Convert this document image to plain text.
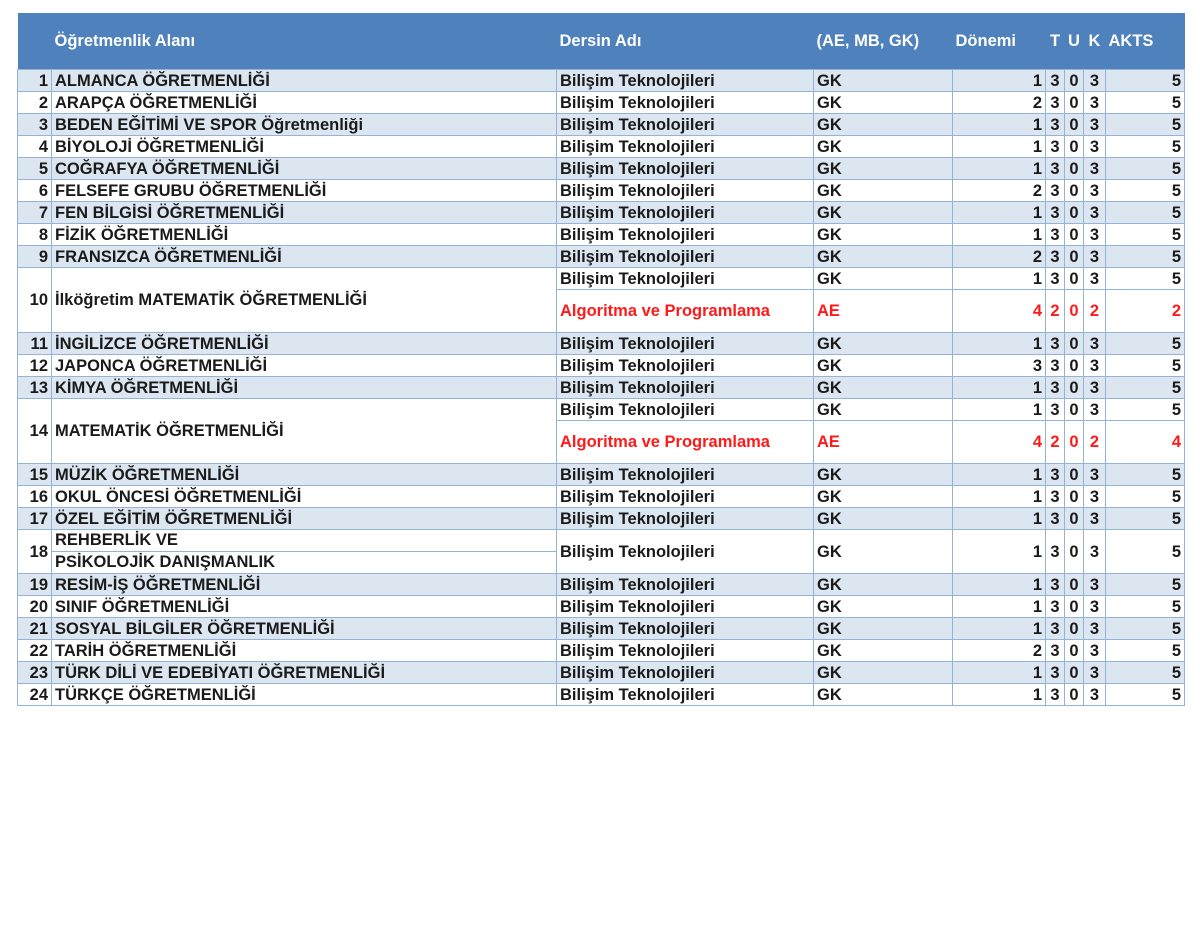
	Öğretmenlik Alanı	Dersin Adı	(AE, MB, GK)	Dönemi	T	U	K	AKTS
1	ALMANCA ÖĞRETMENLİĞİ	Bilişim Teknolojileri	GK	1	3	0	3	5
2	ARAPÇA ÖĞRETMENLİĞİ	Bilişim Teknolojileri	GK	2	3	0	3	5
3	BEDEN EĞİTİMİ VE SPOR Öğretmenliği	Bilişim Teknolojileri	GK	1	3	0	3	5
4	BİYOLOJİ ÖĞRETMENLİĞİ	Bilişim Teknolojileri	GK	1	3	0	3	5
5	COĞRAFYA ÖĞRETMENLİĞİ	Bilişim Teknolojileri	GK	1	3	0	3	5
6	FELSEFE GRUBU ÖĞRETMENLİĞİ	Bilişim Teknolojileri	GK	2	3	0	3	5
7	FEN BİLGİSİ ÖĞRETMENLİĞİ	Bilişim Teknolojileri	GK	1	3	0	3	5
8	FİZİK ÖĞRETMENLİĞİ	Bilişim Teknolojileri	GK	1	3	0	3	5
9	FRANSIZCA ÖĞRETMENLİĞİ	Bilişim Teknolojileri	GK	2	3	0	3	5
10	İlköğretim MATEMATİK ÖĞRETMENLİĞİ	Bilişim Teknolojileri	GK	1	3	0	3	5
		Algoritma ve Programlama	AE	4	2	0	2	2
11	İNGİLİZCE ÖĞRETMENLİĞİ	Bilişim Teknolojileri	GK	1	3	0	3	5
12	JAPONCA ÖĞRETMENLİĞİ	Bilişim Teknolojileri	GK	3	3	0	3	5
13	KİMYA ÖĞRETMENLİĞİ	Bilişim Teknolojileri	GK	1	3	0	3	5
14	MATEMATİK ÖĞRETMENLİĞİ	Bilişim Teknolojileri	GK	1	3	0	3	5
		Algoritma ve Programlama	AE	4	2	0	2	4
15	MÜZİK ÖĞRETMENLİĞİ	Bilişim Teknolojileri	GK	1	3	0	3	5
16	OKUL ÖNCESİ ÖĞRETMENLİĞİ	Bilişim Teknolojileri	GK	1	3	0	3	5
17	ÖZEL EĞİTİM ÖĞRETMENLİĞİ	Bilişim Teknolojileri	GK	1	3	0	3	5
18	REHBERLİK VE
PSİKOLOJİK DANIŞMANLIK	Bilişim Teknolojileri	GK	1	3	0	3	5
19	RESİM-İŞ ÖĞRETMENLİĞİ	Bilişim Teknolojileri	GK	1	3	0	3	5
20	SINIF ÖĞRETMENLİĞİ	Bilişim Teknolojileri	GK	1	3	0	3	5
21	SOSYAL BİLGİLER ÖĞRETMENLİĞİ	Bilişim Teknolojileri	GK	1	3	0	3	5
22	TARİH ÖĞRETMENLİĞİ	Bilişim Teknolojileri	GK	2	3	0	3	5
23	TÜRK DİLİ VE EDEBİYATI ÖĞRETMENLİĞİ	Bilişim Teknolojileri	GK	1	3	0	3	5
24	TÜRKÇE ÖĞRETMENLİĞİ	Bilişim Teknolojileri	GK	1	3	0	3	5
